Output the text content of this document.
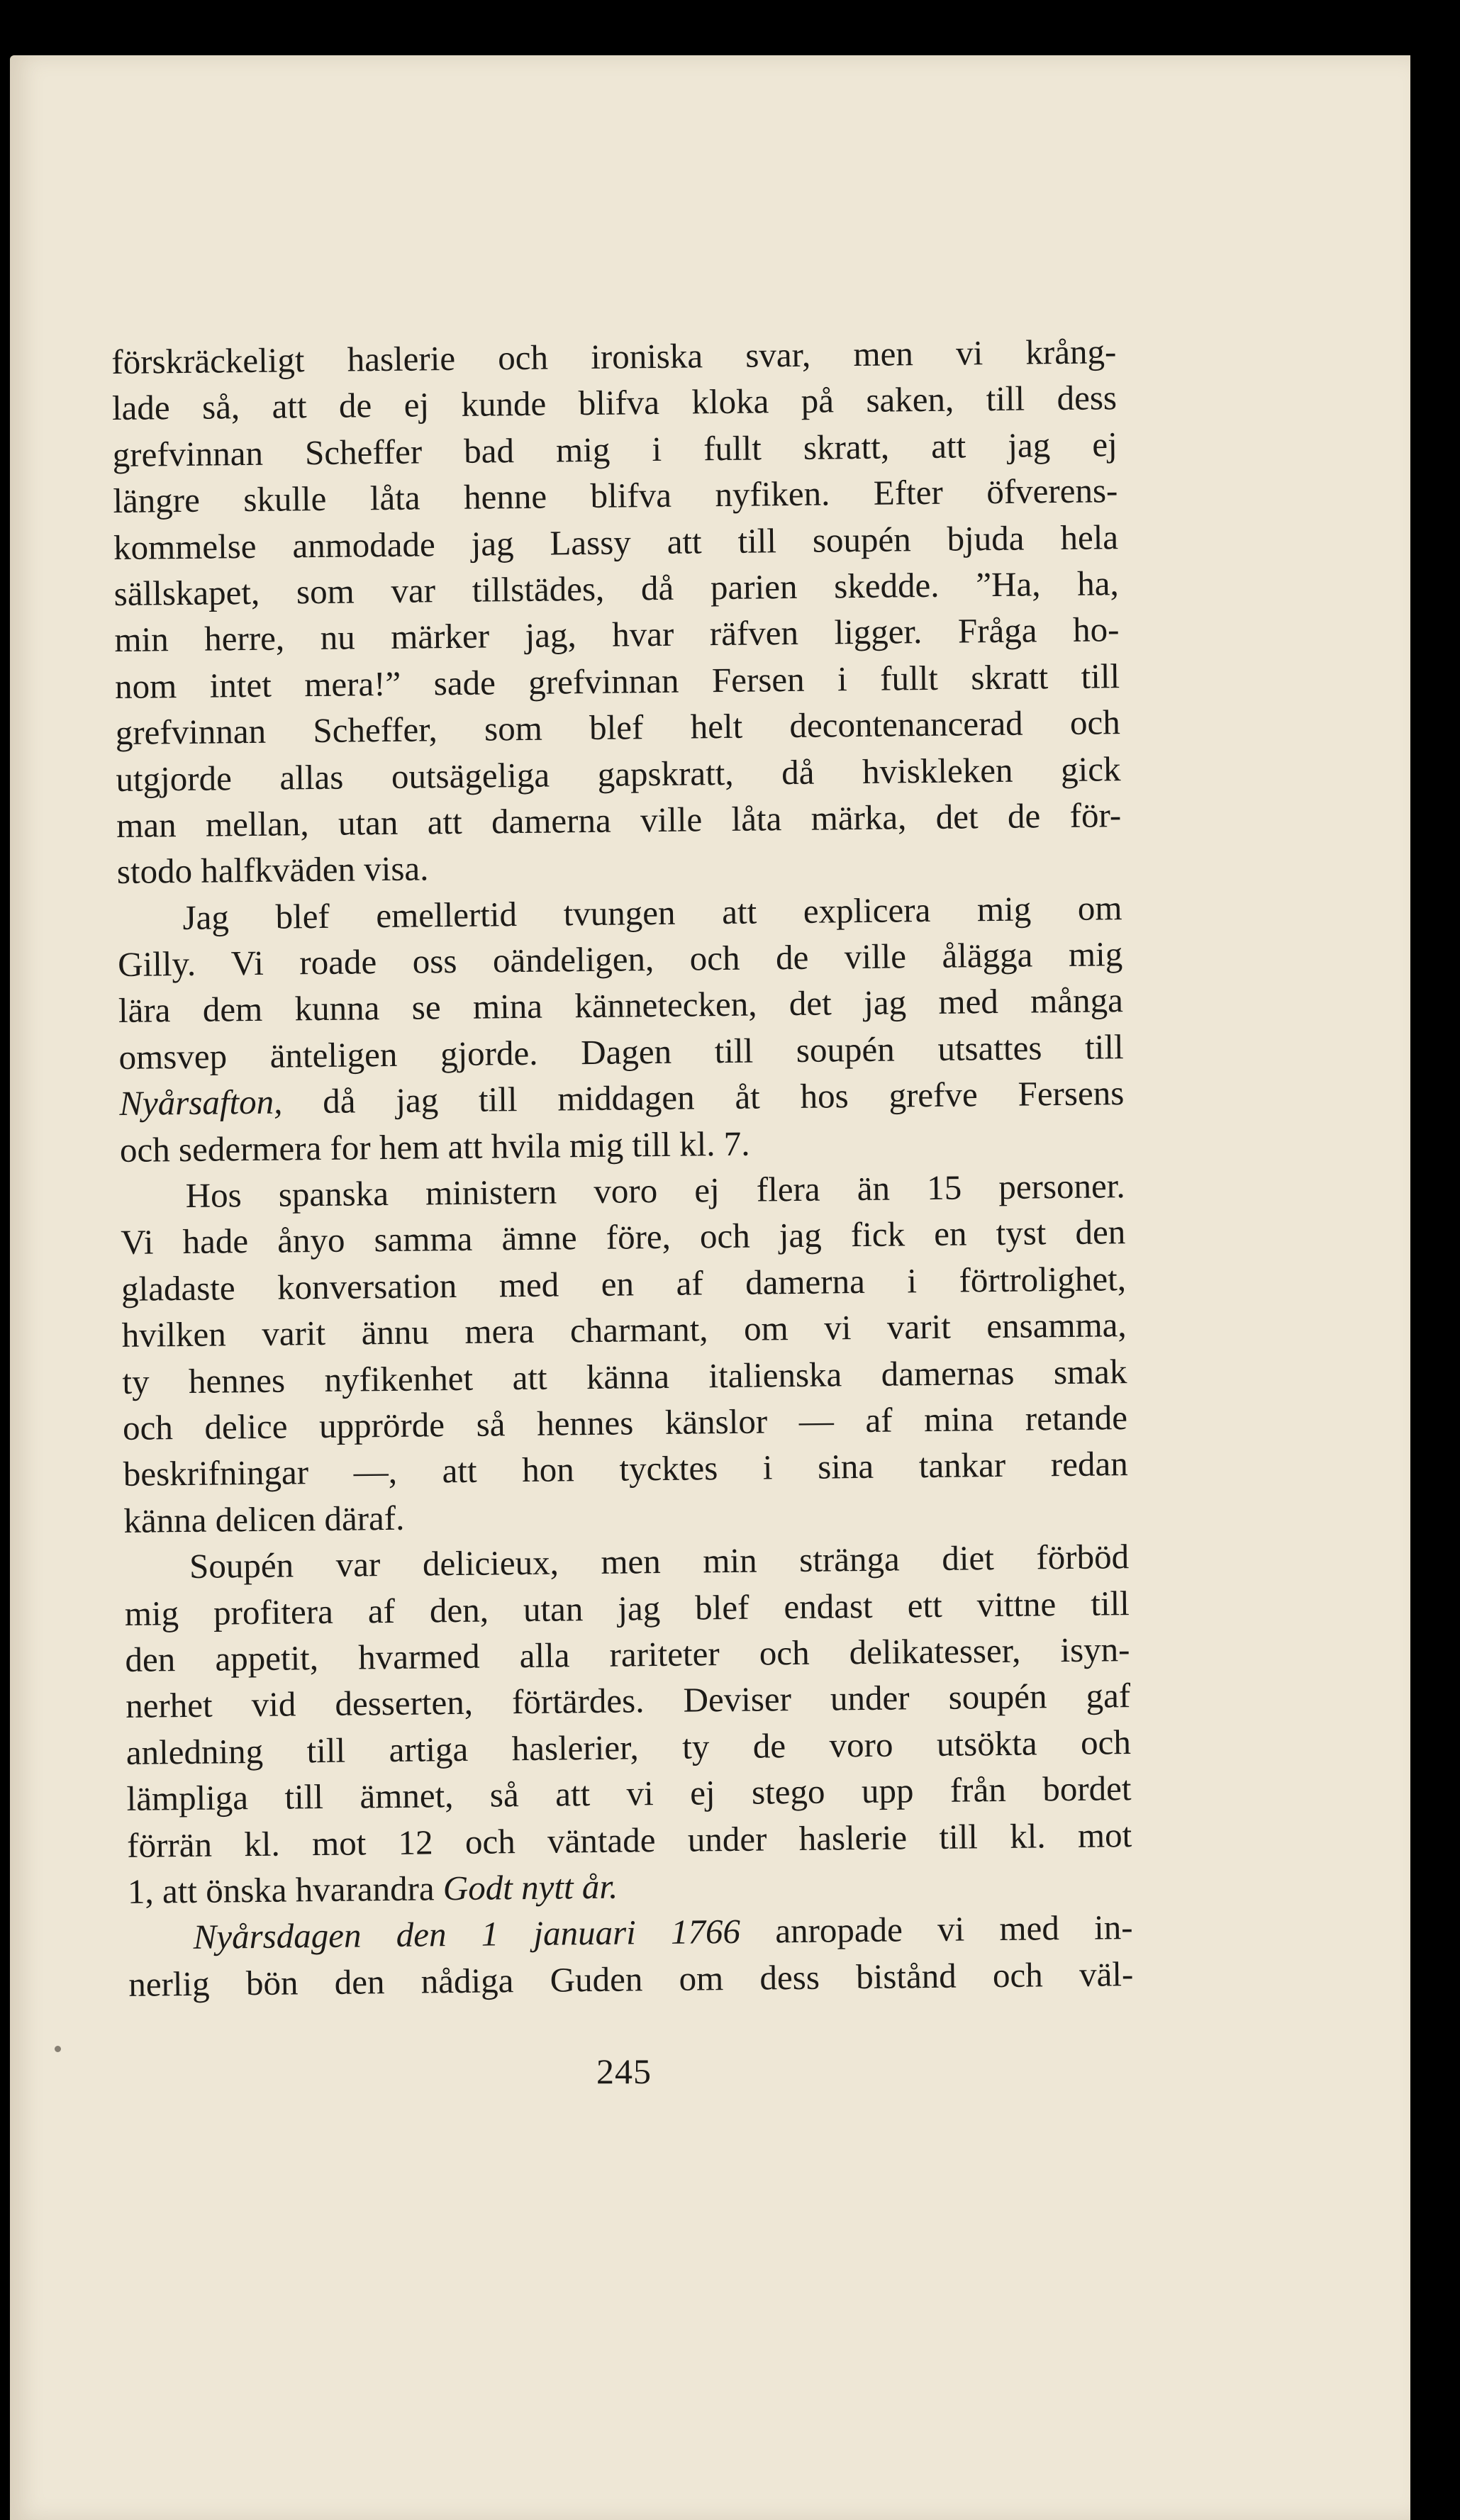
förskräckeligt haslerie och ironiska svar, men vi krång-
lade så, att de ej kunde blifva kloka på saken, till dess
grefvinnan Scheffer bad mig i fullt skratt, att jag ej
längre skulle låta henne blifva nyfiken. Efter öfverens-
kommelse anmodade jag Lassy att till soupén bjuda hela
sällskapet, som var tillstädes, då parien skedde. ”Ha, ha,
min herre, nu märker jag, hvar räfven ligger. Fråga ho-
nom intet mera!” sade grefvinnan Fersen i fullt skratt till
grefvinnan Scheffer, som blef helt decontenancerad och
utgjorde allas outsägeliga gapskratt, då hviskleken gick
man mellan, utan att damerna ville låta märka, det de för-
stodo halfkväden visa.
Jag blef emellertid tvungen att explicera mig om
Gilly. Vi roade oss oändeligen, och de ville ålägga mig
lära dem kunna se mina kännetecken, det jag med många
omsvep änteligen gjorde. Dagen till soupén utsattes till
Nyårsafton, då jag till middagen åt hos grefve Fersens
och sedermera for hem att hvila mig till kl. 7.
Hos spanska ministern voro ej flera än 15 personer.
Vi hade ånyo samma ämne före, och jag fick en tyst den
gladaste konversation med en af damerna i förtrolighet,
hvilken varit ännu mera charmant, om vi varit ensamma,
ty hennes nyfikenhet att känna italienska damernas smak
och delice upprörde så hennes känslor — af mina retande
beskrifningar —, att hon tycktes i sina tankar redan
känna delicen däraf.
Soupén var delicieux, men min stränga diet förböd
mig profitera af den, utan jag blef endast ett vittne till
den appetit, hvarmed alla rariteter och delikatesser, isyn-
nerhet vid desserten, förtärdes. Deviser under soupén gaf
anledning till artiga haslerier, ty de voro utsökta och
lämpliga till ämnet, så att vi ej stego upp från bordet
förrän kl. mot 12 och väntade under haslerie till kl. mot
1, att önska hvarandra Godt nytt år.
Nyårsdagen den 1 januari 1766 anropade vi med in-
nerlig bön den nådiga Guden om dess bistånd och väl-
245
